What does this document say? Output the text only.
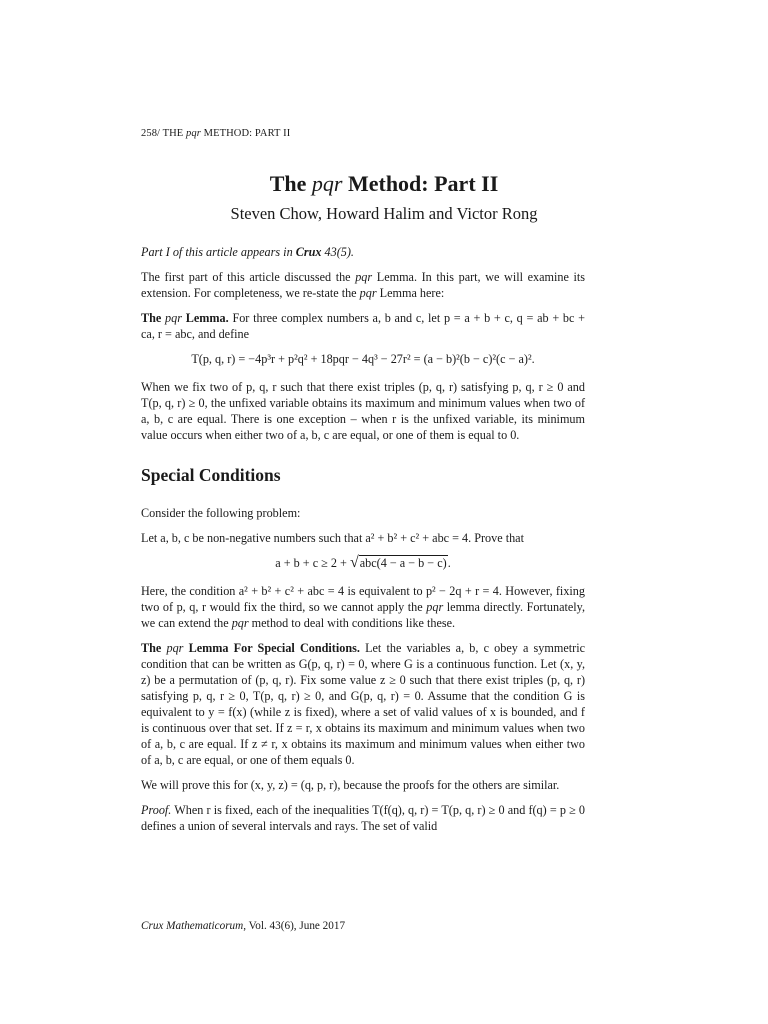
258/ THE pqr METHOD: PART II
The pqr Method: Part II
Steven Chow, Howard Halim and Victor Rong

Part I of this article appears in Crux 43(5).

The first part of this article discussed the pqr Lemma. In this part, we will examine its extension. For completeness, we re-state the pqr Lemma here:

The pqr Lemma. For three complex numbers a, b and c, let p = a + b + c, q = ab + bc + ca, r = abc, and define

T(p, q, r) = −4p³r + p²q² + 18pqr − 4q³ − 27r² = (a − b)²(b − c)²(c − a)².

When we fix two of p, q, r such that there exist triples (p, q, r) satisfying p, q, r ≥ 0 and T(p, q, r) ≥ 0, the unfixed variable obtains its maximum and minimum values when two of a, b, c are equal. There is one exception – when r is the unfixed variable, its minimum value occurs when either two of a, b, c are equal, or one of them is equal to 0.

Special Conditions

Consider the following problem:

Let a, b, c be non-negative numbers such that a² + b² + c² + abc = 4. Prove that

a + b + c ≥ 2 + √abc(4 − a − b − c).

Here, the condition a² + b² + c² + abc = 4 is equivalent to p² − 2q + r = 4. However, fixing two of p, q, r would fix the third, so we cannot apply the pqr lemma directly. Fortunately, we can extend the pqr method to deal with conditions like these.

The pqr Lemma For Special Conditions. Let the variables a, b, c obey a symmetric condition that can be written as G(p, q, r) = 0, where G is a continuous function. Let (x, y, z) be a permutation of (p, q, r). Fix some value z ≥ 0 such that there exist triples (p, q, r) satisfying p, q, r ≥ 0, T(p, q, r) ≥ 0, and G(p, q, r) = 0. Assume that the condition G is equivalent to y = f(x) (while z is fixed), where a set of valid values of x is bounded, and f is continuous over that set. If z = r, x obtains its maximum and minimum values when two of a, b, c are equal. If z ≠ r, x obtains its maximum and minimum values when either two of a, b, c are equal, or one of them equals 0.

We will prove this for (x, y, z) = (q, p, r), because the proofs for the others are similar.

Proof. When r is fixed, each of the inequalities T(f(q), q, r) = T(p, q, r) ≥ 0 and f(q) = p ≥ 0 defines a union of several intervals and rays. The set of valid

Crux Mathematicorum, Vol. 43(6), June 2017
